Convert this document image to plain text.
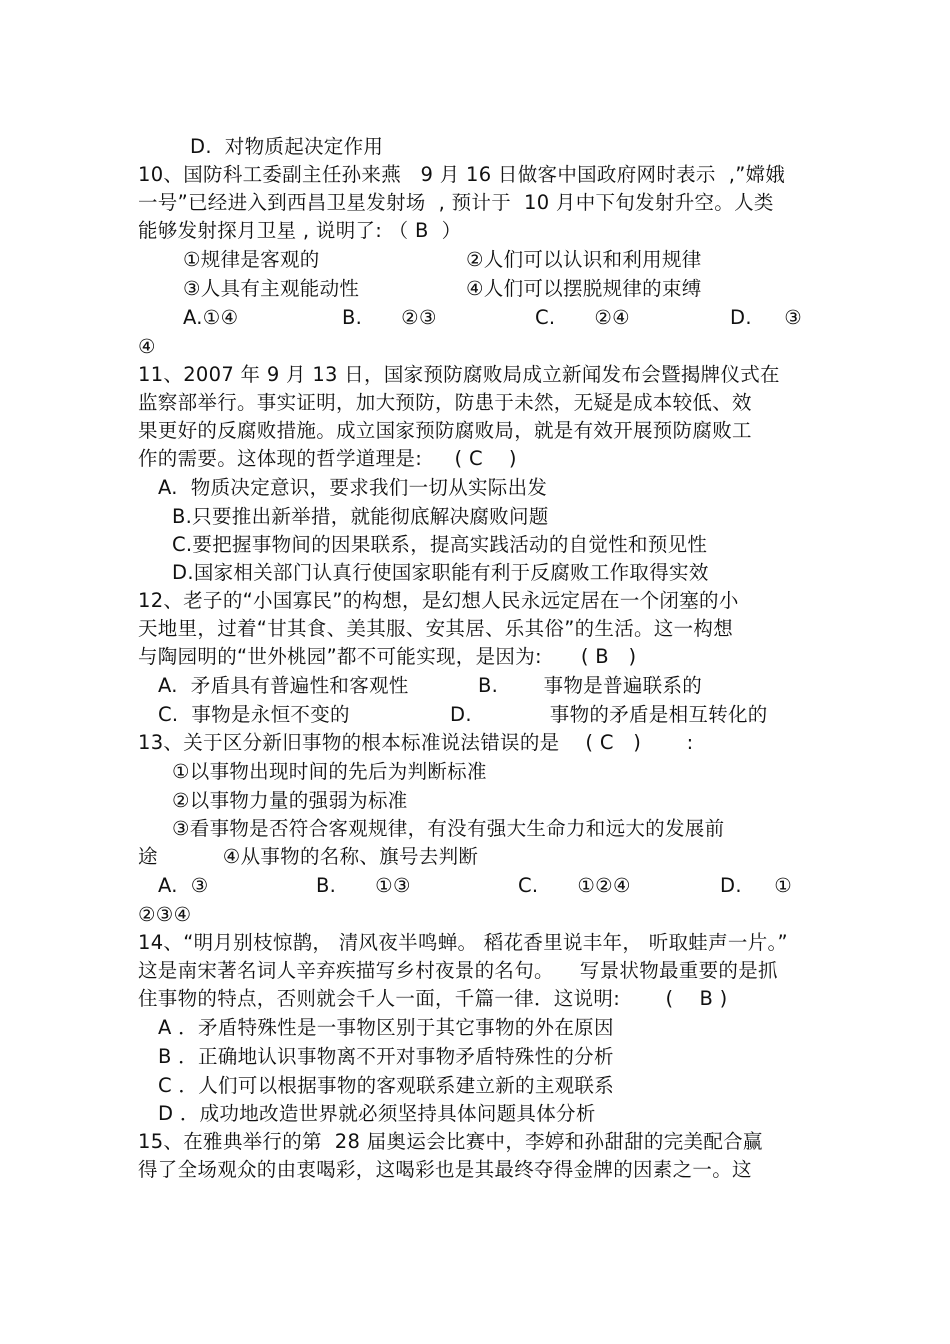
D.  对物质起决定作用
10、国防科工委副主任孙来燕   9 月 16 日做客中国政府网时表示  ,”嫦娥
一号”已经进入到西昌卫星发射场  , 预计于  10 月中下旬发射升空。人类
能够发射探月卫星 , 说明了: （ B  ）
①规律是客观的	②人们可以认识和利用规律
③人具有主观能动性	④人们可以摆脱规律的束缚
A.①④	B.      ②③	C.      ②④	D.     ③
④
11、2007 年 9 月 13 日，国家预防腐败局成立新闻发布会暨揭牌仪式在
监察部举行。事实证明，加大预防，防患于未然，无疑是成本较低、效
果更好的反腐败措施。成立国家预防腐败局，就是有效开展预防腐败工
作的需要。这体现的哲学道理是:     ( C    )
A.  物质决定意识，要求我们一切从实际出发
B.只要推出新举措，就能彻底解决腐败问题
C.要把握事物间的因果联系，提高实践活动的自觉性和预见性
D.国家相关部门认真行使国家职能有利于反腐败工作取得实效
12、老子的“小国寡民”的构想，是幻想人民永远定居在一个闭塞的小
天地里，过着“甘其食、美其服、安其居、乐其俗”的生活。这一构想
与陶园明的“世外桃园”都不可能实现，是因为:      ( B   )
A.  矛盾具有普遍性和客观性	B.       事物是普遍联系的
C.  事物是永恒不变的	D.            事物的矛盾是相互转化的
13、关于区分新旧事物的根本标准说法错误的是    ( C   )       :
①以事物出现时间的先后为判断标准
②以事物力量的强弱为标准
③看事物是否符合客观规律，有没有强大生命力和远大的发展前
途          ④从事物的名称、旗号去判断
A.  ③	B.      ①③	C.      ①②④	D.     ①
②③④
14、“明月别枝惊鹊， 清风夜半鸣蝉。 稻花香里说丰年， 听取蛙声一片。”
这是南宋著名词人辛弃疾描写乡村夜景的名句。    写景状物最重要的是抓
住事物的特点，否则就会千人一面，千篇一律．这说明:       (    B )
A ．矛盾特殊性是一事物区别于其它事物的外在原因
B ．正确地认识事物离不开对事物矛盾特殊性的分析
C ．人们可以根据事物的客观联系建立新的主观联系
D ．成功地改造世界就必须坚持具体问题具体分析
15、在雅典举行的第  28 届奥运会比赛中，李婷和孙甜甜的完美配合赢
得了全场观众的由衷喝彩，这喝彩也是其最终夺得金牌的因素之一。这
